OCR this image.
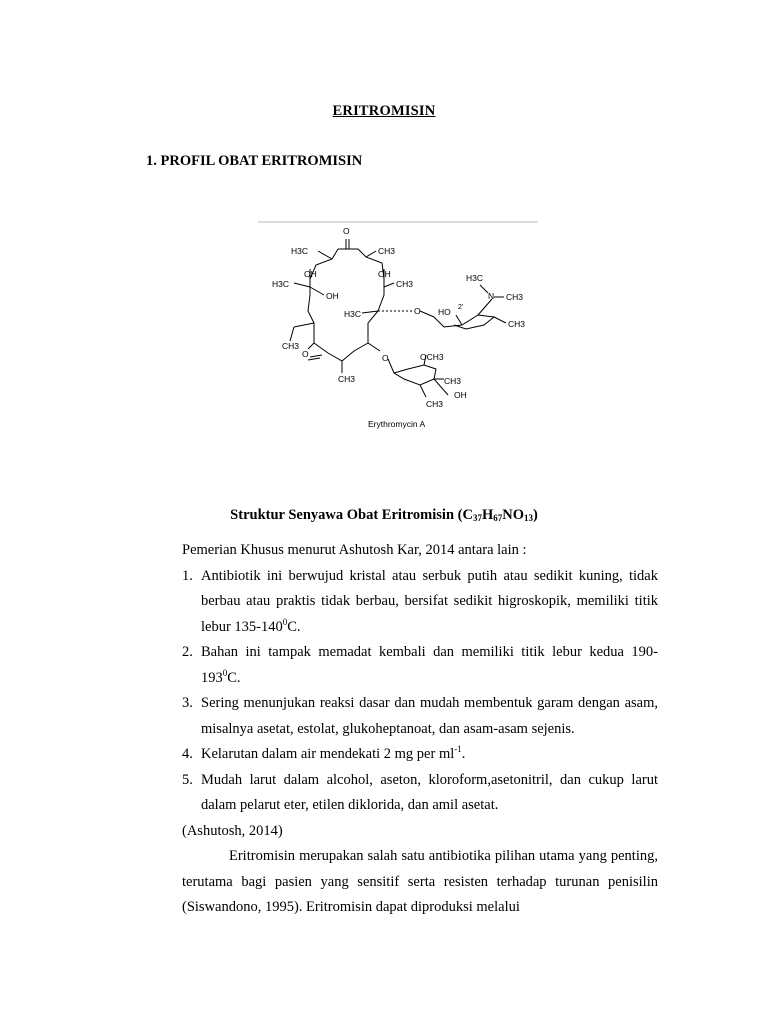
ERITROMISIN
1. PROFIL OBAT ERITROMISIN
O
H3C	CH3
OH	OH
H3C
OH
CH3
H3C	O
CH3
O
CH3
O
H3C
N CH3
HO 2'
CH3
OCH3
CH3
OH
CH3
Erythromycin A
Struktur Senyawa Obat Eritromisin $(C_{37}H_{67}NO_{13})$

Pemerian Khusus menurut Ashutosh Kar, 2014 antara lain :

1. Antibiotik ini berwujud kristal atau serbuk putih atau sedikit kuning, tidak berbau atau praktis tidak berbau, bersifat sedikit higroskopik, memiliki titik lebur $135-140^0C$.
2. Bahan ini tampak memadat kembali dan memiliki titik lebur kedua $190-193^0C$.
3. Sering menunjukan reaksi dasar dan mudah membentuk garam dengan asam, misalnya asetat, estolat, glukoheptanoat, dan asam-asam sejenis.
4. Kelarutan dalam air mendekati 2 mg per $ml^{-1}$.
5. Mudah larut dalam alcohol, aseton, kloroform,asetonitril, dan cukup larut dalam pelarut eter, etilen diklorida, dan amil asetat.

(Ashutosh, 2014)

Eritromisin merupakan salah satu antibiotika pilihan utama yang penting, terutama bagi pasien yang sensitif serta resisten terhadap turunan penisilin (Siswandono, 1995). Eritromisin dapat diproduksi melalui
